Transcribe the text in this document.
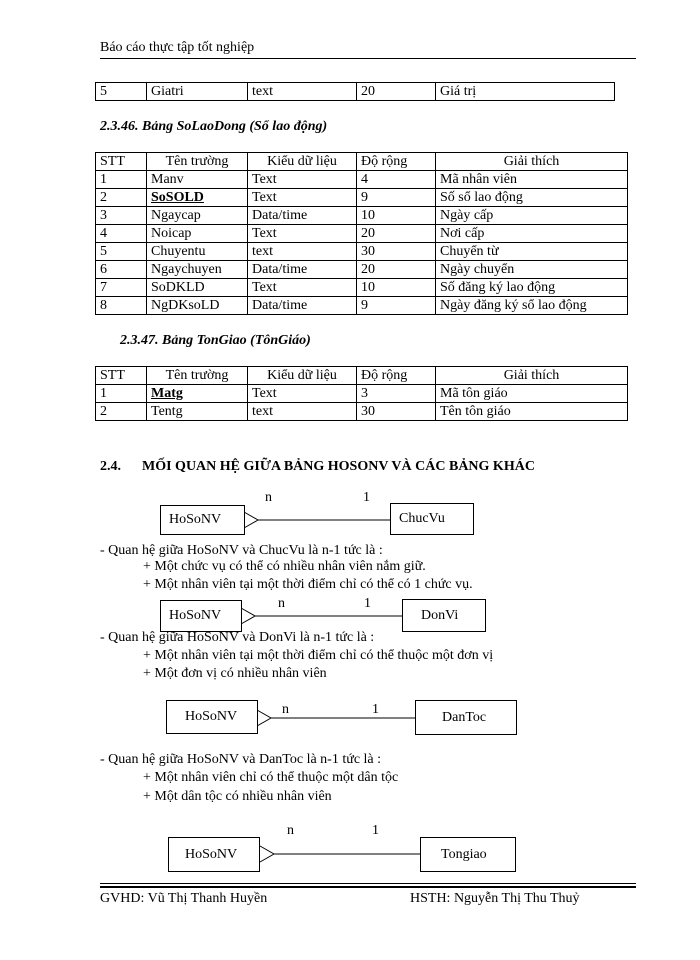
Báo cáo thực tập tốt nghiệp
5	Giatri	text	20	Giá trị
2.3.46. Bảng SoLaoDong (Sổ lao động)
STT	Tên trường	Kiểu dữ liệu	Độ rộng	Giải thích
1	Manv	Text	4	Mã nhân viên
2	SoSOLD	Text	9	Số sổ lao động
3	Ngaycap	Data/time	10	Ngày cấp
4	Noicap	Text	20	Nơi cấp
5	Chuyentu	text	30	Chuyển từ
6	Ngaychuyen	Data/time	20	Ngày chuyển
7	SoDKLD	Text	10	Số đăng ký lao động
8	NgDKsoLD	Data/time	9	Ngày đăng ký sổ lao động
2.3.47. Bảng TonGiao (TônGiáo)
STT	Tên trường	Kiểu dữ liệu	Độ rộng	Giải thích
1	Matg	Text	3	Mã tôn giáo
2	Tentg	text	30	Tên tôn giáo
2.4. MỐI QUAN HỆ GIỮA BẢNG HOSONV VÀ CÁC BẢNG KHÁC
HoSoNV	ChucVu
n	1
- Quan hệ giữa HoSoNV và ChucVu là n-1 tức là :
+ Một chức vụ có thể có nhiều nhân viên nắm giữ.
+ Một nhân viên tại một thời điểm chỉ có thể có 1 chức vụ.
HoSoNV	DonVi
n	1
- Quan hệ giữa HoSoNV và DonVi là n-1 tức là :
+ Một nhân viên tại một thời điểm chỉ có thể thuộc một đơn vị
+ Một đơn vị có nhiều nhân viên
HoSoNV	DanToc
n	1
- Quan hệ giữa HoSoNV và DanToc là n-1 tức là :
+ Một nhân viên chỉ có thể thuộc một dân tộc
+ Một dân tộc có nhiều nhân viên
HoSoNV	Tongiao
n	1
GVHD: Vũ Thị Thanh Huyền	HSTH: Nguyễn Thị Thu Thuỷ
